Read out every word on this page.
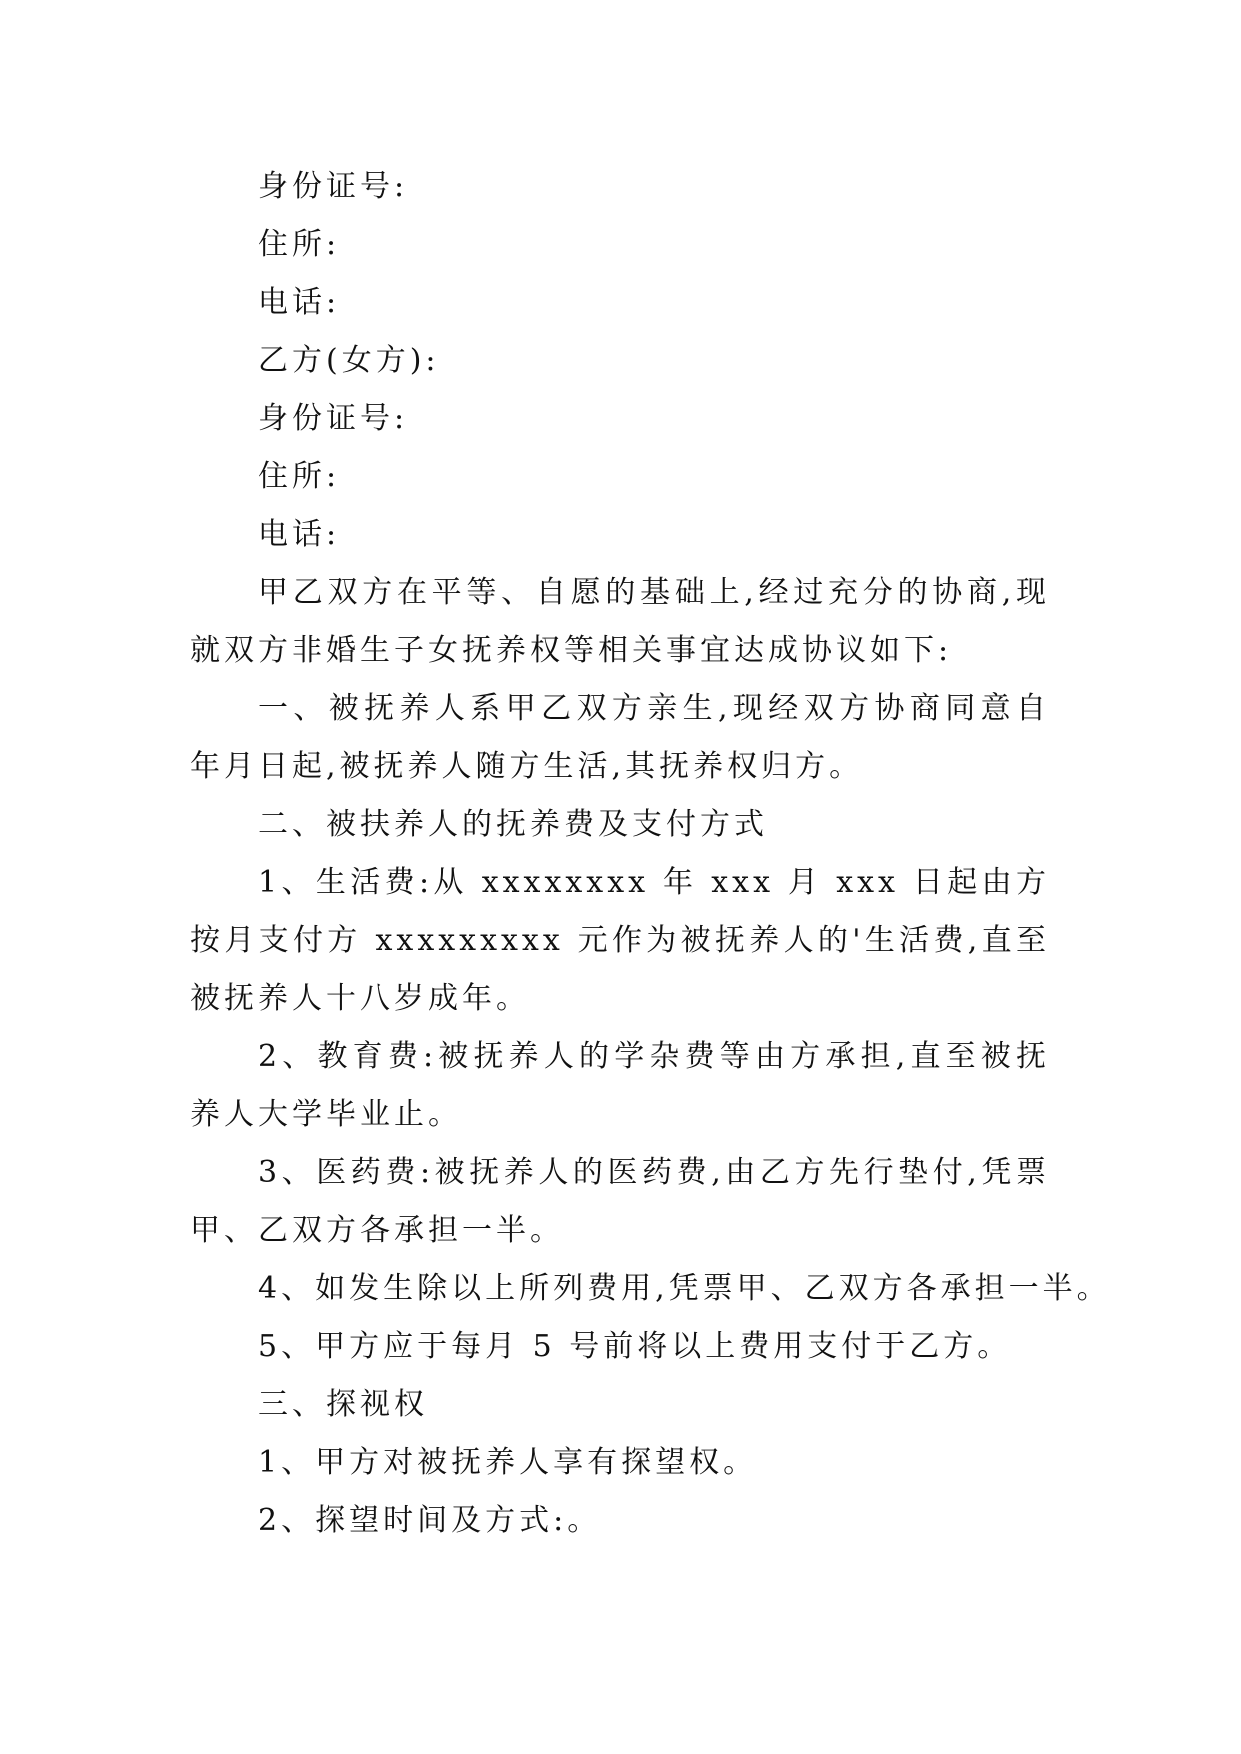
身份证号:

住所:

电话:

乙方(女方):

身份证号:

住所:

电话:

甲乙双方在平等、自愿的基础上,经过充分的协商,现就双方非婚生子女抚养权等相关事宜达成协议如下:

一、被抚养人系甲乙双方亲生,现经双方协商同意自年月日起,被抚养人随方生活,其抚养权归方。

二、被扶养人的抚养费及支付方式

1、生活费:从 xxxxxxxx 年 xxx 月 xxx 日起由方按月支付方 xxxxxxxxx 元作为被抚养人的'生活费,直至被抚养人十八岁成年。

2、教育费:被抚养人的学杂费等由方承担,直至被抚养人大学毕业止。

3、医药费:被抚养人的医药费,由乙方先行垫付,凭票甲、乙双方各承担一半。

4、如发生除以上所列费用,凭票甲、乙双方各承担一半。

5、甲方应于每月 5 号前将以上费用支付于乙方。

三、探视权

1、甲方对被抚养人享有探望权。

2、探望时间及方式:。
